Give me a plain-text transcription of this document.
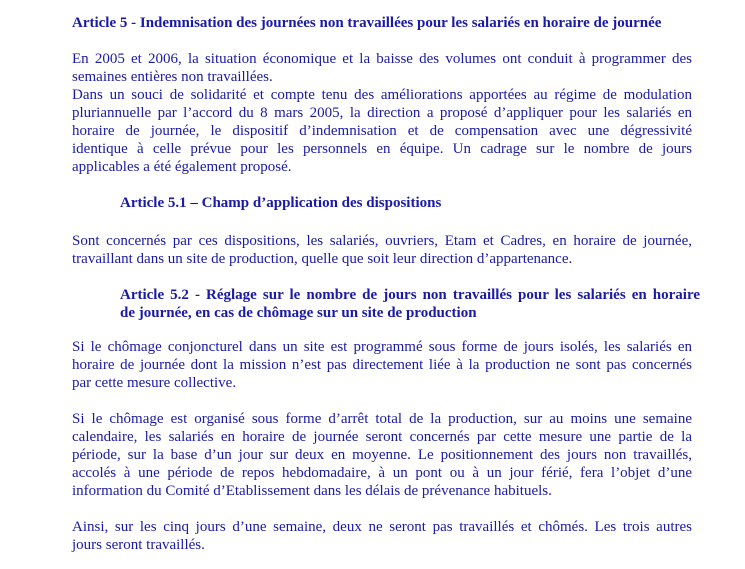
Article 5 - Indemnisation des journées non travaillées pour les salariés en horaire de journée
En 2005 et 2006, la situation économique et la baisse des volumes ont conduit à programmer des
semaines entières non travaillées.
Dans un souci de solidarité et compte tenu des améliorations apportées au régime de modulation
pluriannuelle par l’accord du 8 mars 2005, la direction a proposé d’appliquer pour les salariés en
horaire de journée, le dispositif d’indemnisation et de compensation avec une dégressivité
identique à celle prévue pour les personnels en équipe. Un cadrage sur le nombre de jours
applicables a été également proposé.
Article 5.1 – Champ d’application des dispositions
Sont concernés par ces dispositions, les salariés, ouvriers, Etam et Cadres, en horaire de journée,
travaillant dans un site de production, quelle que soit leur direction d’appartenance.
Article 5.2 - Réglage sur le nombre de jours non travaillés pour les salariés en horaire
de journée, en cas de chômage sur un site de production
Si le chômage conjoncturel dans un site est programmé sous forme de jours isolés, les salariés en
horaire de journée dont la mission n’est pas directement liée à la production ne sont pas concernés
par cette mesure collective.
Si le chômage est organisé sous forme d’arrêt total de la production, sur au moins une semaine
calendaire, les salariés en horaire de journée seront concernés par cette mesure une partie de la
période, sur la base d’un jour sur deux en moyenne. Le positionnement des jours non travaillés,
accolés à une période de repos hebdomadaire, à un pont ou à un jour férié, fera l’objet d’une
information du Comité d’Etablissement dans les délais de prévenance habituels.
Ainsi, sur les cinq jours d’une semaine, deux ne seront pas travaillés et chômés. Les trois autres
jours seront travaillés.
